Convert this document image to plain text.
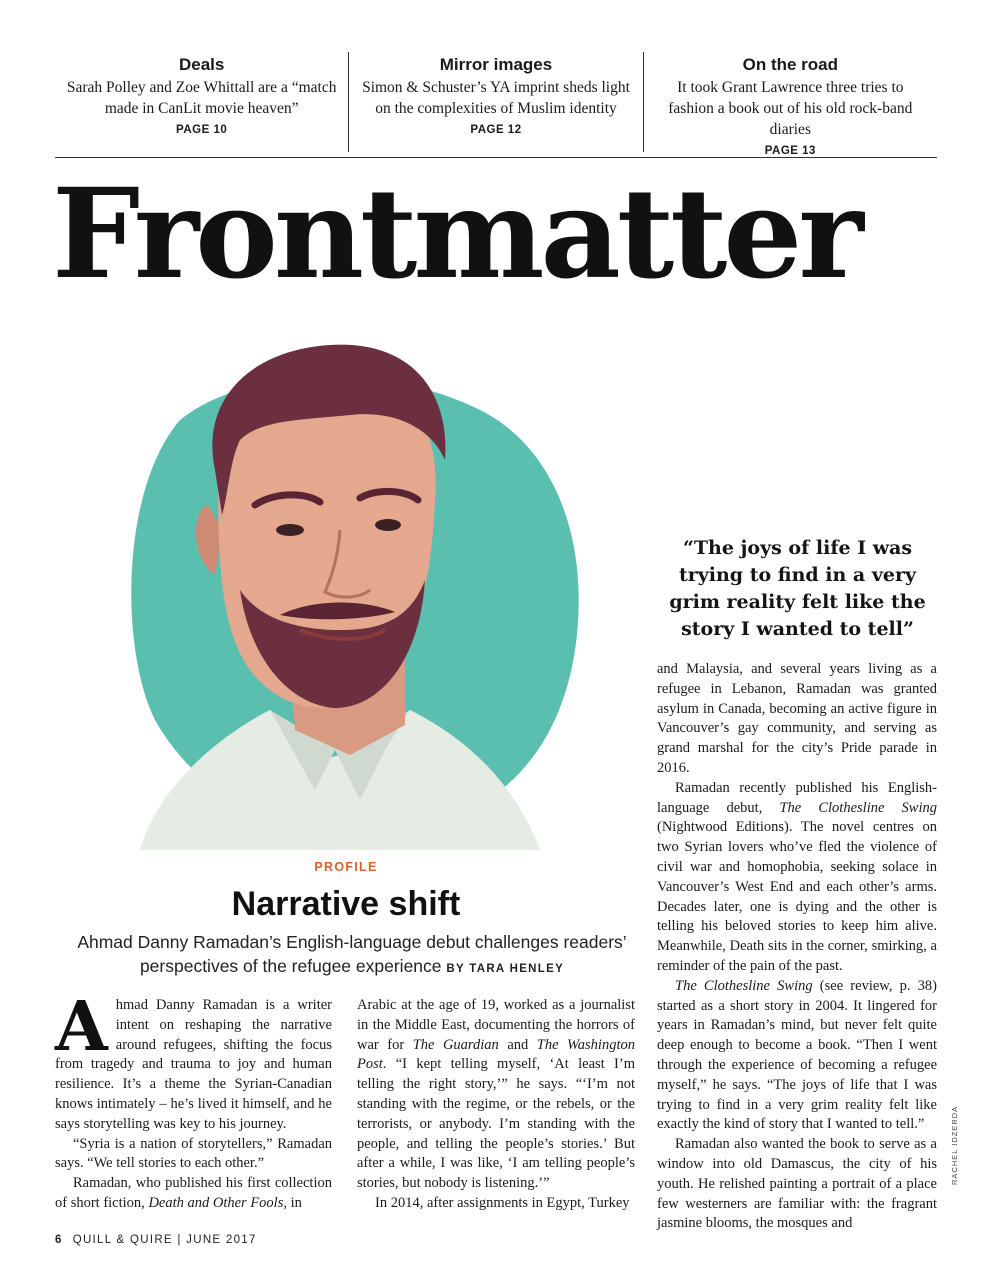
Deals
Sarah Polley and Zoe Whittall are a “match made in CanLit movie heaven”
PAGE 10
Mirror images
Simon & Schuster’s YA imprint sheds light on the complexities of Muslim identity
PAGE 12
On the road
It took Grant Lawrence three tries to fashion a book out of his old rock-band diaries
PAGE 13
Frontmatter
“The joys of life I was trying to find in a very grim reality felt like the story I wanted to tell”
PROFILE
Narrative shift
Ahmad Danny Ramadan’s English-language debut challenges readers’ perspectives of the refugee experience BY TARA HENLEY

Ahmad Danny Ramadan is a writer intent on reshaping the narrative around refugees, shifting the focus from tragedy and trauma to joy and human resilience. It’s a theme the Syrian-Canadian knows intimately – he’s lived it himself, and he says storytelling was key to his journey.

“Syria is a nation of storytellers,” Ramadan says. “We tell stories to each other.”

Ramadan, who published his first collection of short fiction, Death and Other Fools, in

Arabic at the age of 19, worked as a journalist in the Middle East, documenting the horrors of war for The Guardian and The Washington Post. “I kept telling myself, ‘At least I’m telling the right story,’” he says. “‘I’m not standing with the regime, or the rebels, or the terrorists, or anybody. I’m standing with the people, and telling the people’s stories.’ But after a while, I was like, ‘I am telling people’s stories, but nobody is listening.’”

In 2014, after assignments in Egypt, Turkey

and Malaysia, and several years living as a refugee in Lebanon, Ramadan was granted asylum in Canada, becoming an active figure in Vancouver’s gay community, and serving as grand marshal for the city’s Pride parade in 2016.

Ramadan recently published his English-language debut, The Clothesline Swing (Nightwood Editions). The novel centres on two Syrian lovers who’ve fled the violence of civil war and homophobia, seeking solace in Vancouver’s West End and each other’s arms. Decades later, one is dying and the other is telling his beloved stories to keep him alive. Meanwhile, Death sits in the corner, smirking, a reminder of the pain of the past.

The Clothesline Swing (see review, p. 38) started as a short story in 2004. It lingered for years in Ramadan’s mind, but never felt quite deep enough to become a book. “Then I went through the experience of becoming a refugee myself,” he says. “The joys of life that I was trying to find in a very grim reality felt like exactly the kind of story that I wanted to tell.”

Ramadan also wanted the book to serve as a window into old Damascus, the city of his youth. He relished painting a portrait of a place few westerners are familiar with: the fragrant jasmine blooms, the mosques and

RACHEL IDZERDA
6 QUILL & QUIRE | JUNE 2017
